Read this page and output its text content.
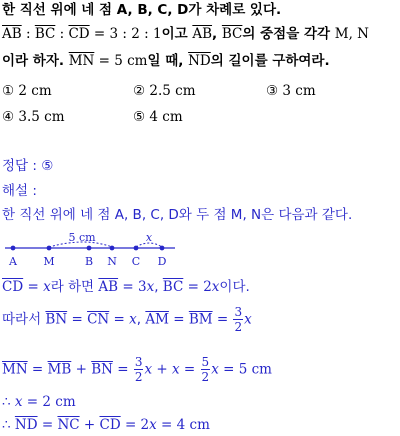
한 직선 위에 네 점 A, B, C, D가 차례로 있다.
$\overline{AB}$ : $\overline{BC}$ : $\overline{CD} = 3$ : 2 : 1이고 $\overline{AB}$, $\overline{BC}$의 중점을 각각 M, N
이라 하자. $\overline{MN} = 5$ cm일 때, $\overline{ND}$의 길이를 구하여라.
① 2 cm	② 2.5 cm	③ 3 cm
④ 3.5 cm	⑤ 4 cm
정답 : ⑤
해설 :
한 직선 위에 네 점 A, B, C, D와 두 점 M, N은 다음과 같다.
5 cm	x
A M	B N C D
$\overline{CD} = x$라 하면 $\overline{AB} = 3x$, $\overline{BC} = 2x$이다.
따라서 $\overline{BN} = \overline{CN} = x$, $\overline{AM} = \overline{BM} = \frac{3}{2}$ x
$\overline{MN} = \overline{MB} + \overline{BN} = \frac{3}{2}$ $x + x = \frac{5}{2}$ x = 5 cm
∴ x = 2 cm
∴ $\overline{ND} = \overline{NC} + \overline{CD} = 2x = 4$ cm
